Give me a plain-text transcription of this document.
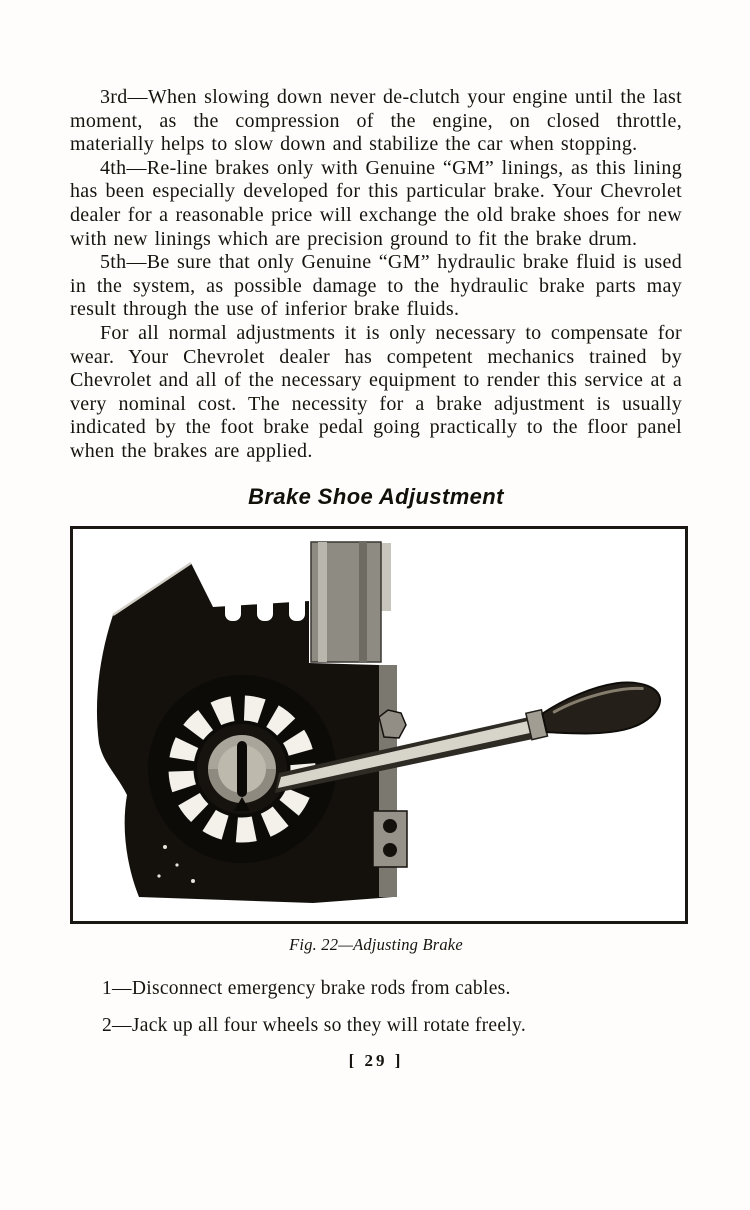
3rd—When slowing down never de-clutch your engine until the last moment, as the compression of the engine, on closed throttle, materially helps to slow down and stabilize the car when stopping.

4th—Re-line brakes only with Genuine “GM” linings, as this lining has been especially developed for this particular brake. Your Chevrolet dealer for a reasonable price will exchange the old brake shoes for new with new linings which are precision ground to fit the brake drum.

5th—Be sure that only Genuine “GM” hydraulic brake fluid is used in the system, as possible damage to the hydraulic brake parts may result through the use of inferior brake fluids.

For all normal adjustments it is only necessary to compensate for wear. Your Chevrolet dealer has competent mechanics trained by Chevrolet and all of the necessary equipment to render this service at a very nominal cost. The necessity for a brake adjustment is usually indicated by the foot brake pedal going practically to the floor panel when the brakes are applied.

Brake Shoe Adjustment
Fig. 22—Adjusting Brake

1—Disconnect emergency brake rods from cables.

2—Jack up all four wheels so they will rotate freely.

[ 29 ]
